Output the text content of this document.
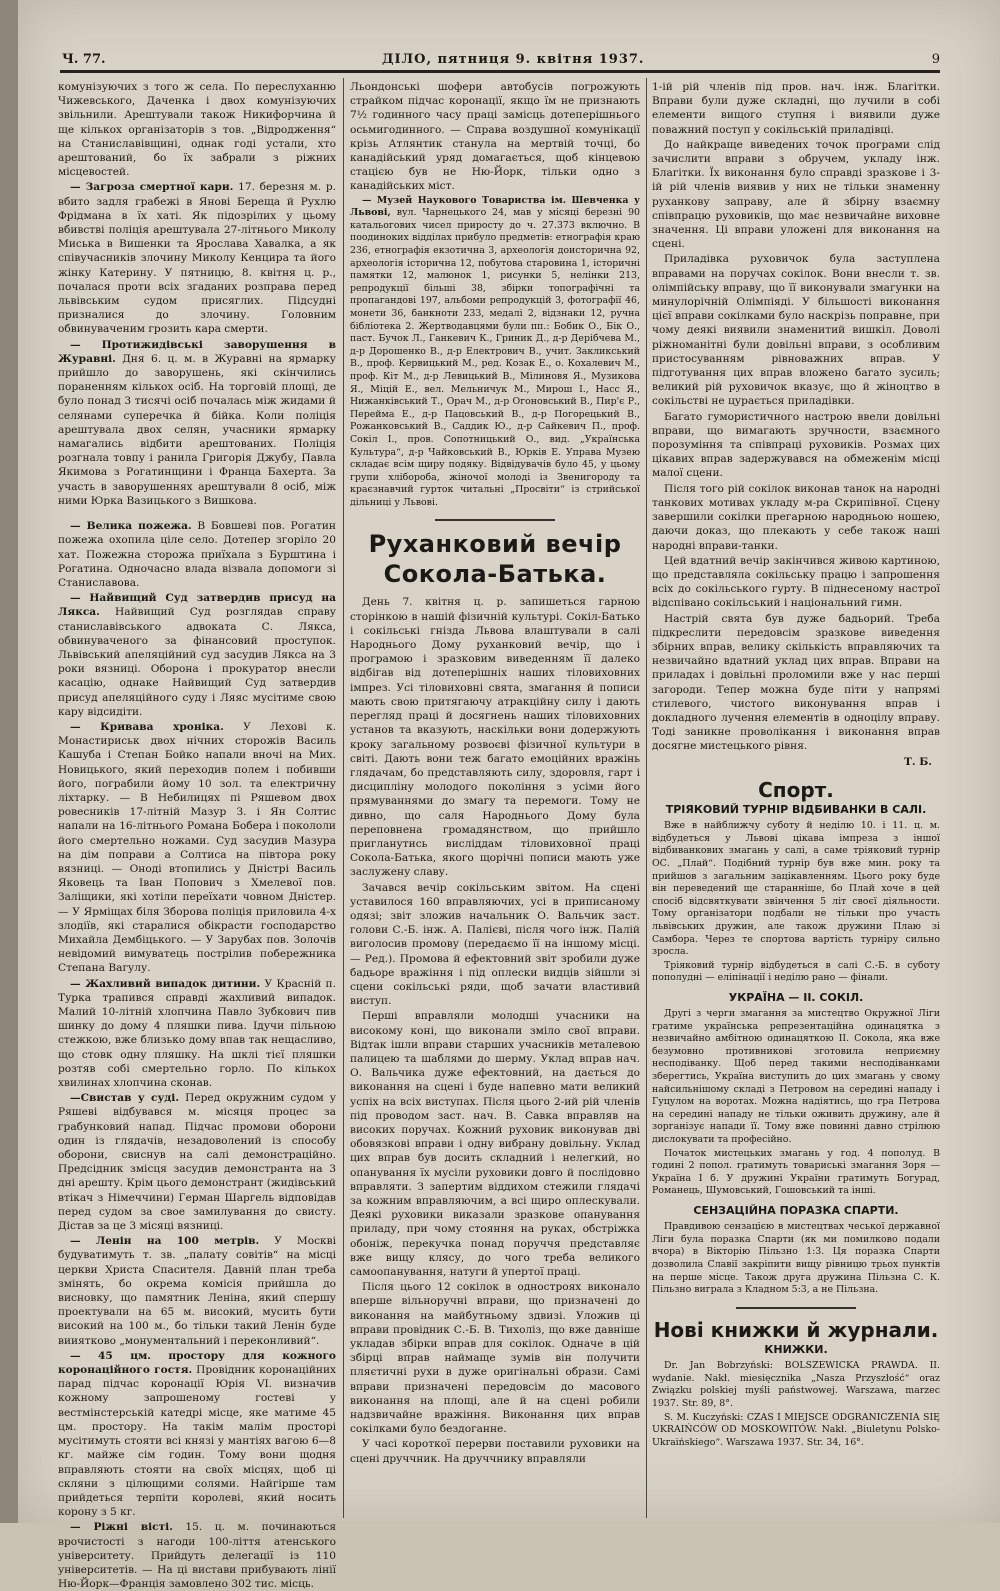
Ч. 77.	ДІЛО, пятниця 9. квітня 1937.	9

комунізуючих з того ж села. По переслуханню Чижевського, Даченка і двох комунізуючих звільнили. Арештували також Никифорчина й ще кількох організаторів з тов. „Відродження“ на Станиславівщині, однак годі устали, хто арештований, бо їх забрали з ріжних місцевостей.

— Загроза смертної кари. 17. березня м. р. вбито задля грабежі в Янові Береща й Рухлю Фрідмана в їх хаті. Як підозрілих у цьому вбивстві поліція арештувала 27-літнього Миколу Миська в Вишенки та Ярослава Хавалка, а як співучасників злочину Миколу Кенцира та його жінку Катерину. У пятницю, 8. квітня ц. р., почалася проти всіх згаданих розправа перед львівським судом присяглих. Підсудні призналися до злочину. Головним обвинуваченим грозить кара смерти.

— Протижидівські заворушення в Журавні. Дня 6. ц. м. в Журавні на ярмарку прийшло до заворушень, які скінчились пораненням кількох осіб. На торговій площі, де було понад 3 тисячі осіб почалась між жидами й селянами суперечка й бійка. Коли поліція арештувала двох селян, учасники ярмарку намагались відбити арештованих. Поліція розгнала товпу і ранила Григорія Джубу, Павла Якимова з Рогатинщини і Франца Бахерта. За участь в заворушеннях арештували 8 осіб, між ними Юрка Вазицького з Вишкова.

— Велика пожежа. В Бовшеві пов. Рогатин пожежа охопила ціле село. Дотепер згоріло 20 хат. Пожежна сторожа приїхала з Бурштина і Рогатина. Одночасно влада візвала допомоги зі Станиславова.

— Найвищий Суд затвердив присуд на Лякса. Найвищий Суд розглядав справу станиславівського адвоката С. Лякса, обвинуваченого за фінансовий проступок. Львівський апеляційний суд засудив Лякса на 3 роки вязниці. Оборона і прокуратор внесли касацію, однаке Найвищий Суд затвердив присуд апеляційного суду і Ляяс мусітиме свою кару відсидіти.

— Кривава хроніка. У Лехові к. Монастириськ двох нічних сторожів Василь Кашуба і Степан Бойко напали вночі на Мих. Новицького, який переходив полем і побивши його, пограбили йому 10 зол. та електричну ліхтарку. — В Небилицях пі Ряшевом двох ровесників 17-літній Мазур З. і Ян Солтис напали на 16-літнього Романа Бобера і покололи його смертельно ножами. Суд засудив Мазура на дім поправи а Солтиса на півтора року вязниці. — Оноді втопились у Дністрі Василь Яковець та Іван Попович з Хмелевої пов. Заліщики, які хотіли переїхати човном Дністер. — У Ярміщах біля Зборова поліція приловила 4-х злодіїв, які старалися обікрасти господарство Михайла Дембіцького. — У Зарубах пов. Золочів невідомий вимуватець пострілив побережника Степана Вагулу.

— Жахливий випадок дитини. У Красній п. Турка трапився справді жахливий випадок. Малий 10-літній хлопчина Павло Зубкович пив шинку до дому 4 пляшки пива. Ідучи пільною стежкою, вже близько дому впав так нещасливо, що стовк одну пляшку. На шклі тієї пляшки розтяв собі смертельно горло. По кількох хвилинах хлопчина сконав.

—Свистав у суді. Перед окружним судом у Ряшеві відбувався м. місяця процес за грабунковий напад. Підчас промови оборони один із глядачів, незадоволений із способу оборони, свиснув на салі демонстраційно. Предсідник змісця засудив демонстранта на 3 дні арешту. Крім цього демонстрант (жидівський втікач з Німеччини) Герман Шаргель відповідав перед судом за свое замилування до свисту. Дістав за це 3 місяці вязниці.

— Ленін на 100 метрів. У Москві будуватимуть т. зв. „палату совітів“ на місці церкви Христа Спасителя. Давній план треба змінять, бо окрема комісія прийшла до висновку, що памятник Леніна, який спершу проектували на 65 м. високий, мусить бути високий на 100 м., бо тільки такий Ленін буде вииятково „монументальний і переконливий“.

— 45 цм. простору для кожного коронаційного гостя. Провідник коронаційних парад підчас коронації Юрія VI. визначив кожному запрошеному гостеві у вестмінстерській катедрі місце, яке матиме 45 цм. простору. На такім малім просторі мусітимуть стояти всі князі у мантіях вагою 6—8 кг. майже сім годин. Тому вони щодня вправляють стояти на своїх місцях, щоб ці скляни з цілющими солями. Найгірше там прийдеться терпіти королеві, який носить корону з 5 кг.

— Ріжні вісті. 15. ц. м. починаються врочистості з нагоди 100-ліття атенського університету. Прийдуть делегації із 110 університетів. — На ці вистави прибувають лінії Ню-Йорк—Франція замовлено 302 тис. місць.

Льондонські шофери автобусів погрожують страйком підчас коронації, якщо їм не признають 7½ годинного часу праці замісць дотеперішнього осьмигодинного. — Справа воздушної комунікації крізь Атлянтик станула на мертвій точці, бо канадійський уряд домагається, щоб кінцевою стацією був не Ню-Йорк, тільки одно з канадійських міст.

— Музей Наукового Товариства ім. Шевченка у Львові, вул. Чарнецького 24, мав у місяці березні 90 катальогових чисел приросту до ч. 27.373 включно. В поодиноких відділах прибуло предметів: етнографія краю 236, етнографія екзотична 3, археологія доисторична 92, археологія історична 12, побутова старовина 1, історичні памятки 12, малюнок 1, рисунки 5, нелінки 213, репродукції більші 38, збірки топографічні та пропагандові 197, альбоми репродукцій 3, фотографії 46, монети 36, банкноти 233, медалі 2, відзнаки 12, ручна бібліотека 2. Жертводавцями були пп.: Бобик О., Бік О., паст. Бучок Л., Ганкевич К., Гриник Д., д-р Дерібчева М., д-р Дорошенко В., д-р Електрович В., учит. Закликський В., проф. Кервицький М., ред. Козак Е., о. Кохалевич М., проф. Кіт М., д-р Левицький В., Мілиновя Я., Музикова Я., Міцій Е., вел. Мельничук М., Мирош І., Насс Я., Нижанківський Т., Орач М., д-р Огоновський В., Пир'є Р., Перейма Е., д-р Пацовський В., д-р Погорецький В., Рожанковський В., Саддик Ю., д-р Сайкевич П., проф. Сокіл І., пров. Сопотницький О., вид. „Українська Культура“, д-р Чайковський В., Юрків Е. Управа Музею складає всім щиру подяку. Відвідувачів було 45, у цьому групи хлібороба, жіночої молоді із Звенигороду та краєзнавчий гурток читальні „Просвіти“ із стрийської дільниці у Львові.

Руханковий вечір Сокола-Батька.

День 7. квітня ц. р. запишеться гарною сторінкою в нашій фізичній культурі. Сокіл-Батько і сокільські гнізда Львова влаштували в салі Народнього Дому руханковий вечір, що і програмою і зразковим виведенням її далеко відбігав від дотеперішніх наших тіловиховних імпрез. Усі тіловиховні свята, змагання й пописи мають свою притягаючу атракційну силу і дають перегляд праці й досягнень наших тіловиховних установ та вказують, наскільки вони додержують кроку загальному розвоєві фізичної культури в світі. Дають вони теж багато емоційних вражінь глядачам, бо представляють силу, здоровля, гарт і дисципліну молодого покоління з усіми його прямуваннями до змагу та перемоги. Тому не дивно, що саля Народнього Дому була переповнена громадянством, що прийшло пригланутись висліддам тіловиховної праці Сокола-Батька, якого щорічні пописи мають уже заслужену славу.

Зачався вечір сокільським звітом. На сцені уставилося 160 вправляючих, усі в приписаному одязі; звіт зложив начальник О. Вальчик заст. голови С.-Б. інж. А. Палієві, після чого інж. Палій виголосив промову (передаємо її на іншому місці. — Ред.). Промова й ефектовний звіт зробили дуже бадьоре вражіння і під оплески видців зійшли зі сцени сокільські ряди, щоб зачати властивий виступ.

Перші вправляли молодші учасники на високому коні, що виконали зміло свої вправи. Відтак ішли вправи старших учасників металевою палицею та шаблями до шерму. Уклад вправ нач. О. Вальчика дуже ефектовний, на дається до виконання на сцені і буде напевно мати великий успіх на всіх виступах. Після цього 2-ий рій членів під проводом заст. нач. В. Савка вправляв на високих поручах. Кожний руховик виконував дві обовязкові вправи і одну вибрану довільну. Уклад цих вправ був досить складний і нелегкий, но опанування їх мусіли руховики довго й послідовно вправляти. З запертим віддихом стежили глядачі за кожним вправляючим, а всі щиро оплескували. Деякі руховики виказали зразкове опанування приладу, при чому стояння на руках, обстріжка обоніж, перекучка понад поруччя представляє вже вищу клясу, до чого треба великого самоопанування, натуги й упертої праці.

Після цього 12 сокілок в одностроях виконало вперше вільноручні вправи, що призначені до виконання на майбутньому здвизі. Уложив ці вправи провідник С.-Б. В. Тихоліз, що вже давніше укладав збірки вправ для сокілок. Одначе в цій збірці вправ наймаще зумів він получити пляєтичні рухи в дуже оригінальні образи. Самі вправи призначені передовсім до масового виконання на площі, але й на сцені робили надзвичайне вражіння. Виконання цих вправ сокілками було бездоганне.

У часі короткої перерви поставили руховики на сцені друччник. На друччнику вправляли

1-ій рій членів під пров. нач. інж. Благітки. Вправи були дуже складні, що лучили в собі елементи вищого ступня і виявили дуже поважний поступ у сокільській приладівці.

До найкраще виведених точок програми слід зачислити вправи з обручем, укладу інж. Благітки. Їх виконання було справді зразкове і 3-ій рій членів виявив у них не тільки знаменну руханкову заправу, але й збірну взаємну співпрацю руховиків, що має незвичайне виховне значення. Ці вправи уложені для виконання на сцені.

Приладівка руховичок була заступлена вправами на поручах сокілок. Вони внесли т. зв. олімпійську вправу, що її виконували змагунки на минулорічній Олімпіяді. У більшості виконання цієї вправи сокілками було наскрізь поправне, при чому деякі виявили знаменитий вишкіл. Доволі ріжноманітні були довільні вправи, з особливим пристосуванням рівноважних вправ. У підготування цих вправ вложено багато зусиль; великий рій руховичок вказує, що й жіноцтво в сокільстві не цурається приладівки.

Багато гумористичного настрою ввели довільні вправи, що вимагають зручности, взаємного порозуміння та співпраці руховиків. Розмах цих цікавих вправ задержувався на обмеженім місці малої сцени.

Після того рій сокілок виконав танок на народні танкових мотивах укладу м-ра Скрипівної. Сцену завершили сокілки прегарною народньою ношею, даючи доказ, що плекають у себе також наші народні вправи-танки.

Цей вдатний вечір закінчився живою картиною, що представляла сокільську працю і запрошення всіх до сокільського гурту. В піднесеному настрої відспівано сокільський і національний гимн.

Настрій свята був дуже бадьорий. Треба підкреслити передовсім зразкове виведення збірних вправ, велику скількість вправляючих та незвичайно вдатний уклад цих вправ. Вправи на приладах і довільні проломили вже у нас перші загороди. Тепер можна буде піти у напрямі стилевого, чистого виконування вправ і докладного лучення елементів в одноцілу вправу. Тоді заникне проволікання і виконання вправ досягне мистецького рівня.

Т. Б.
Спорт.
ТРІЯКОВИЙ ТУРНІР ВІДБИВАНКИ В САЛІ.

Вже в найближчу суботу й неділю 10. і 11. ц. м. відбудеться у Львові цікава імпреза з іншої відбиванкових змагань у салі, а саме тріяковий турнір ОС. „Плай“. Подібний турнір був вже мин. року та прийшов з загальним зацікавленням. Цього року буде він переведений ще старанніше, бо Плай хоче в цей спосіб відсвяткувати звінчення 5 літ своєї діяльности. Тому організатори подбали не тільки про участь львівських дружин, але також дружини Плаю зі Самбора. Через те спортова вартість турніру сильно зросла.

Тріяковий турнір відбудеться в салі С.-Б. в суботу пополудні — еліпінації і неділю рано — фінали.

УКРАЇНА — II. СОКІЛ.

Другі з черги змагання за мистецтво Окружної Ліги гратиме українська репрезентаційна одинацятка з незвичайно амбітною одинацяткою II. Сокола, яка вже безумовно противникові зготовила неприємну несподіванку. Щоб перед такими несподіванками зберегтись, Україна виступить до цих змагань у свому найсильнішому складі з Петровом на середині нападу і Гуцулом на воротах. Можна надіятись, що гра Петрова на середині нападу не тільки оживить дружину, але й зорганізує напади її. Тому вже повинні давно стрілюю дислокувати та професійно.

Початок мистецьких змагань у год. 4 пополуд. В годині 2 попол. гратимуть товариські змагання Зоря — Україна І б. У дружині України гратимуть Богурад, Романець, Шумовський, Гошовський та інші.

СЕНЗАЦІЙНА ПОРАЗКА СПАРТИ.

Правдивою сензацією в мистецтвах чеської державної Ліги була поразка Спарти (як ми помилково подали вчора) в Вікторію Пільзно 1:3. Ця поразка Спарти дозволила Славії закріпити вищу рівницю трьох пунктів на перше місце. Також друга дружина Пільзна С. К. Пільзно виграла з Кладном 5:3, а не Пільзна.

Нові книжки й журнали.
КНИЖКИ.

Dr. Jan Bobrzyński: BOLSZEWICKA PRAWDA. II. wydanie. Nakł. miesięcznika „Nasza Przyszłość“ oraz Związku polskiej myśli państwowej. Warszawa, marzec 1937. Str. 89, 8°.

S. M. Kuczyński: CZAS I MIEJSCE ODGRANICZENIA SIĘ UKRAIŃCÓW OD MOSKOWITÓW. Nakł. „Biuletynu Polsko-Ukraińskiego“. Warszawa 1937. Str. 34, 16°.
